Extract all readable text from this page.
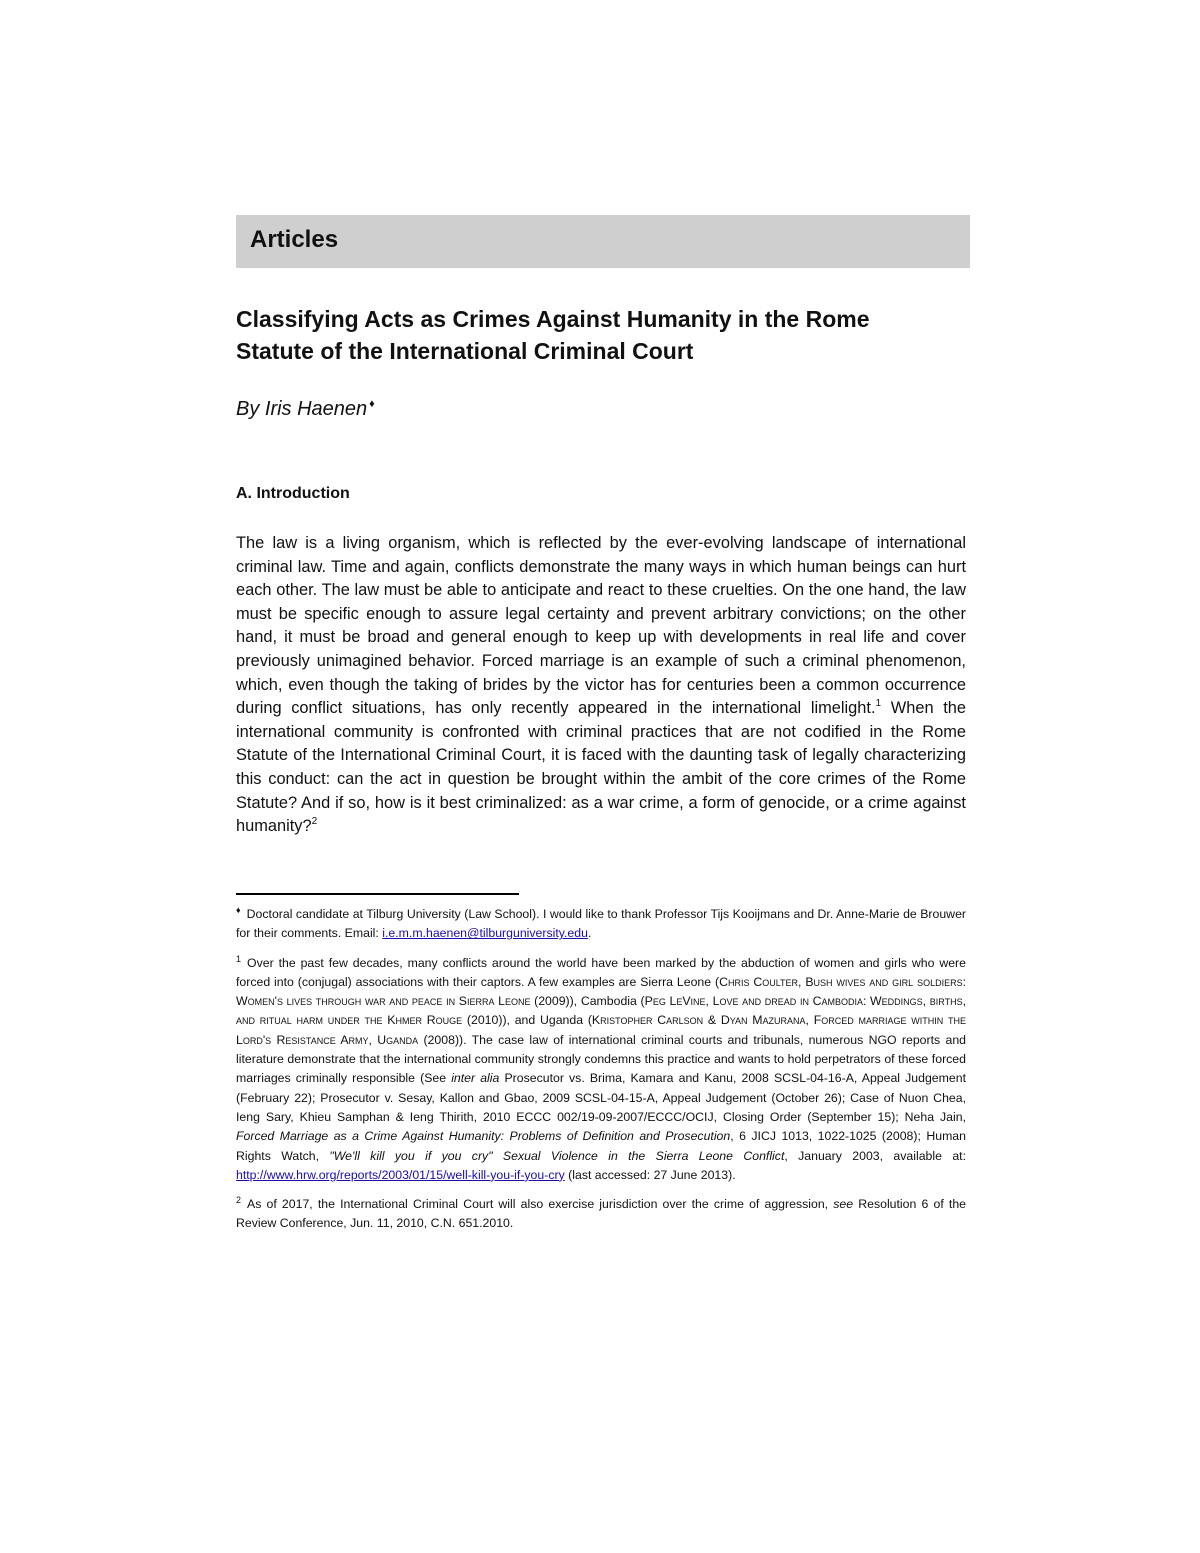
Articles
Classifying Acts as Crimes Against Humanity in the Rome
Statute of the International Criminal Court
By Iris Haenen ♦
A. Introduction

The law is a living organism, which is reflected by the ever-evolving landscape of international criminal law. Time and again, conflicts demonstrate the many ways in which human beings can hurt each other. The law must be able to anticipate and react to these cruelties. On the one hand, the law must be specific enough to assure legal certainty and prevent arbitrary convictions; on the other hand, it must be broad and general enough to keep up with developments in real life and cover previously unimagined behavior. Forced marriage is an example of such a criminal phenomenon, which, even though the taking of brides by the victor has for centuries been a common occurrence during conflict situations, has only recently appeared in the international limelight.$^1$ When the international community is confronted with criminal practices that are not codified in the Rome Statute of the International Criminal Court, it is faced with the daunting task of legally characterizing this conduct: can the act in question be brought within the ambit of the core crimes of the Rome Statute? And if so, how is it best criminalized: as a war crime, a form of genocide, or a crime against humanity?$^2$

♦ Doctoral candidate at Tilburg University (Law School). I would like to thank Professor Tijs Kooijmans and Dr. Anne-Marie de Brouwer for their comments. Email: i.e.m.m.haenen@tilburguniversity.edu.

$^1$ Over the past few decades, many conflicts around the world have been marked by the abduction of women and girls who were forced into (conjugal) associations with their captors. A few examples are Sierra Leone (Chris Coulter, Bush wives and girl soldiers: Women's lives through war and peace in Sierra Leone (2009)), Cambodia (Peg LeVine, Love and dread in Cambodia: Weddings, births, and ritual harm under the Khmer Rouge (2010)), and Uganda (Kristopher Carlson & Dyan Mazurana, Forced marriage within the Lord's Resistance Army, Uganda (2008)). The case law of international criminal courts and tribunals, numerous NGO reports and literature demonstrate that the international community strongly condemns this practice and wants to hold perpetrators of these forced marriages criminally responsible (See inter alia Prosecutor vs. Brima, Kamara and Kanu, 2008 SCSL-04-16-A, Appeal Judgement (February 22); Prosecutor v. Sesay, Kallon and Gbao, 2009 SCSL-04-15-A, Appeal Judgement (October 26); Case of Nuon Chea, Ieng Sary, Khieu Samphan & Ieng Thirith, 2010 ECCC 002/19-09-2007/ECCC/OCIJ, Closing Order (September 15); Neha Jain, Forced Marriage as a Crime Against Humanity: Problems of Definition and Prosecution, 6 JICJ 1013, 1022-1025 (2008); Human Rights Watch, "We'll kill you if you cry" Sexual Violence in the Sierra Leone Conflict, January 2003, available at: http://www.hrw.org/reports/2003/01/15/well-kill-you-if-you-cry (last accessed: 27 June 2013).

$^2$ As of 2017, the International Criminal Court will also exercise jurisdiction over the crime of aggression, see Resolution 6 of the Review Conference, Jun. 11, 2010, C.N. 651.2010.
